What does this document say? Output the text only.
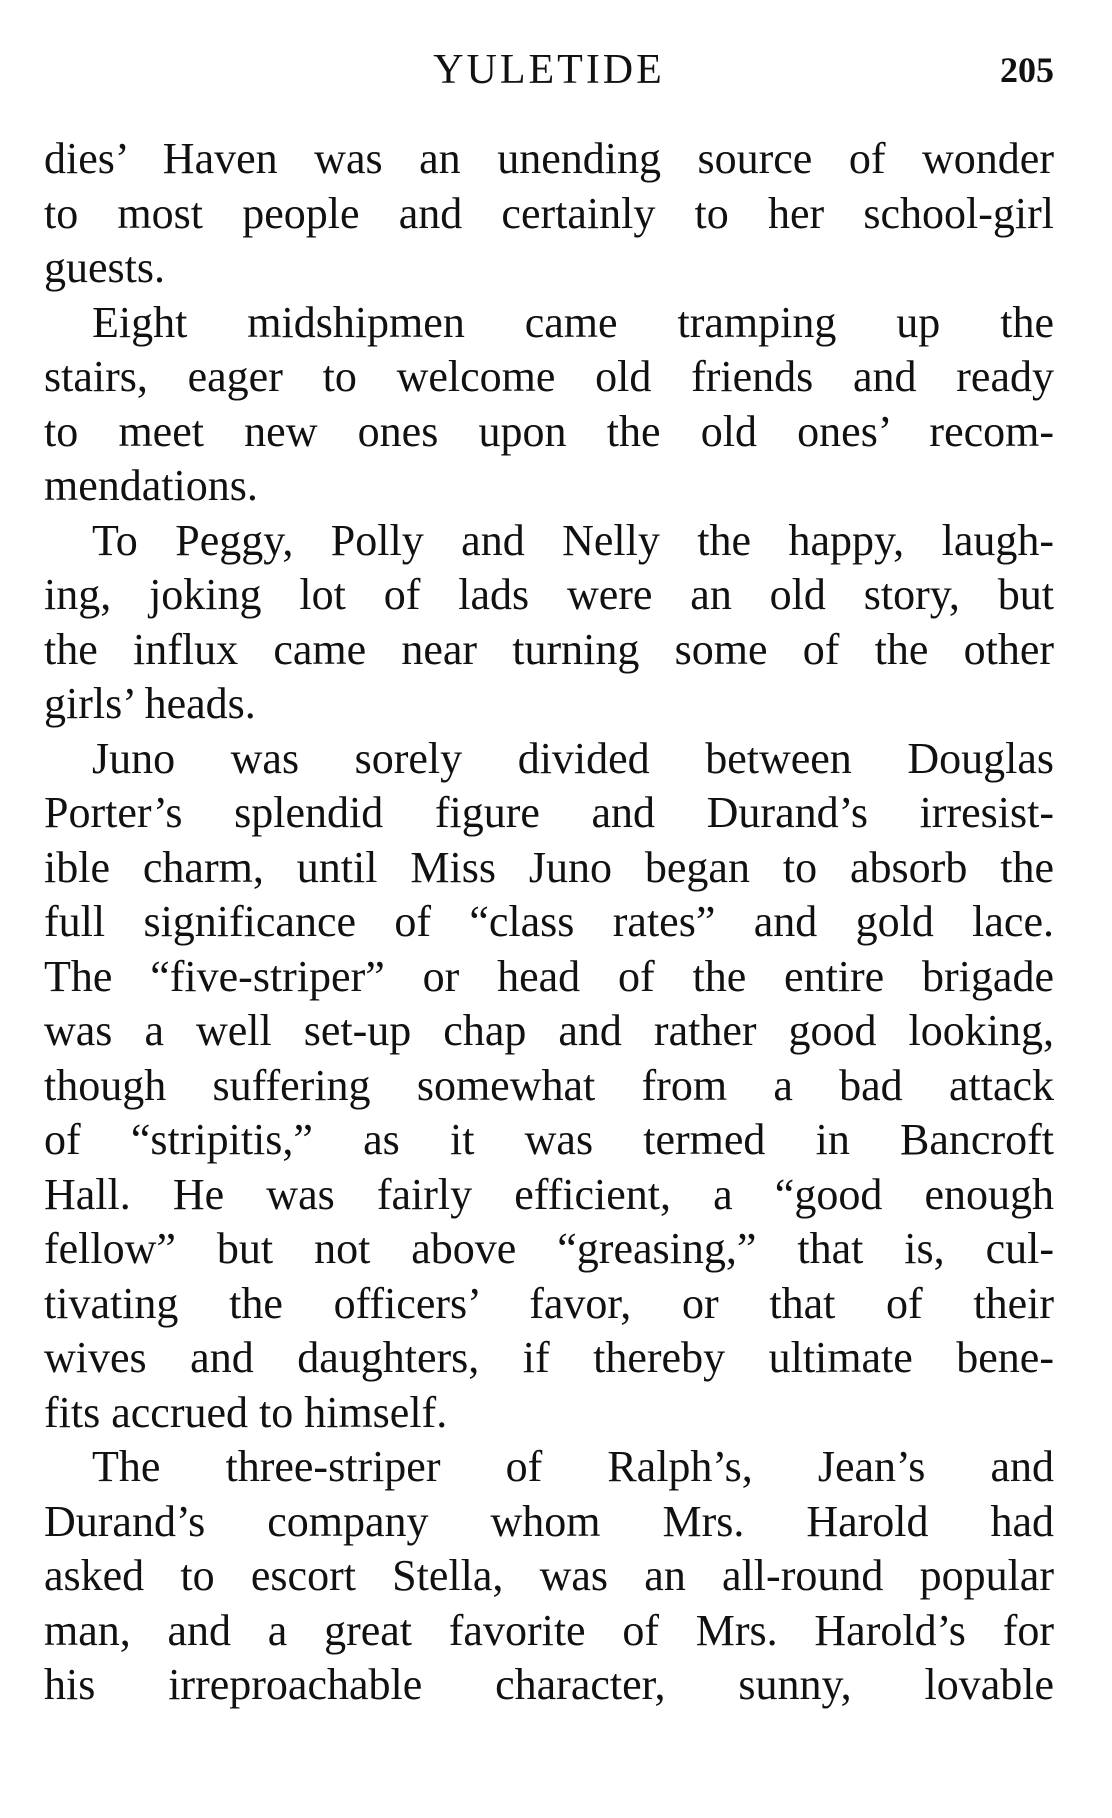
YULETIDE	205
dies’ Haven was an unending source of wonder
to most people and certainly to her school-girl
guests.
Eight midshipmen came tramping up the
stairs, eager to welcome old friends and ready
to meet new ones upon the old ones’ recom-
mendations.
To Peggy, Polly and Nelly the happy, laugh-
ing, joking lot of lads were an old story, but
the influx came near turning some of the other
girls’ heads.
Juno was sorely divided between Douglas
Porter’s splendid figure and Durand’s irresist-
ible charm, until Miss Juno began to absorb the
full significance of “class rates” and gold lace.
The “five-striper” or head of the entire brigade
was a well set-up chap and rather good looking,
though suffering somewhat from a bad attack
of “stripitis,” as it was termed in Bancroft
Hall. He was fairly efficient, a “good enough
fellow” but not above “greasing,” that is, cul-
tivating the officers’ favor, or that of their
wives and daughters, if thereby ultimate bene-
fits accrued to himself.
The three-striper of Ralph’s, Jean’s and
Durand’s company whom Mrs. Harold had
asked to escort Stella, was an all-round popular
man, and a great favorite of Mrs. Harold’s for
his irreproachable character, sunny, lovable
